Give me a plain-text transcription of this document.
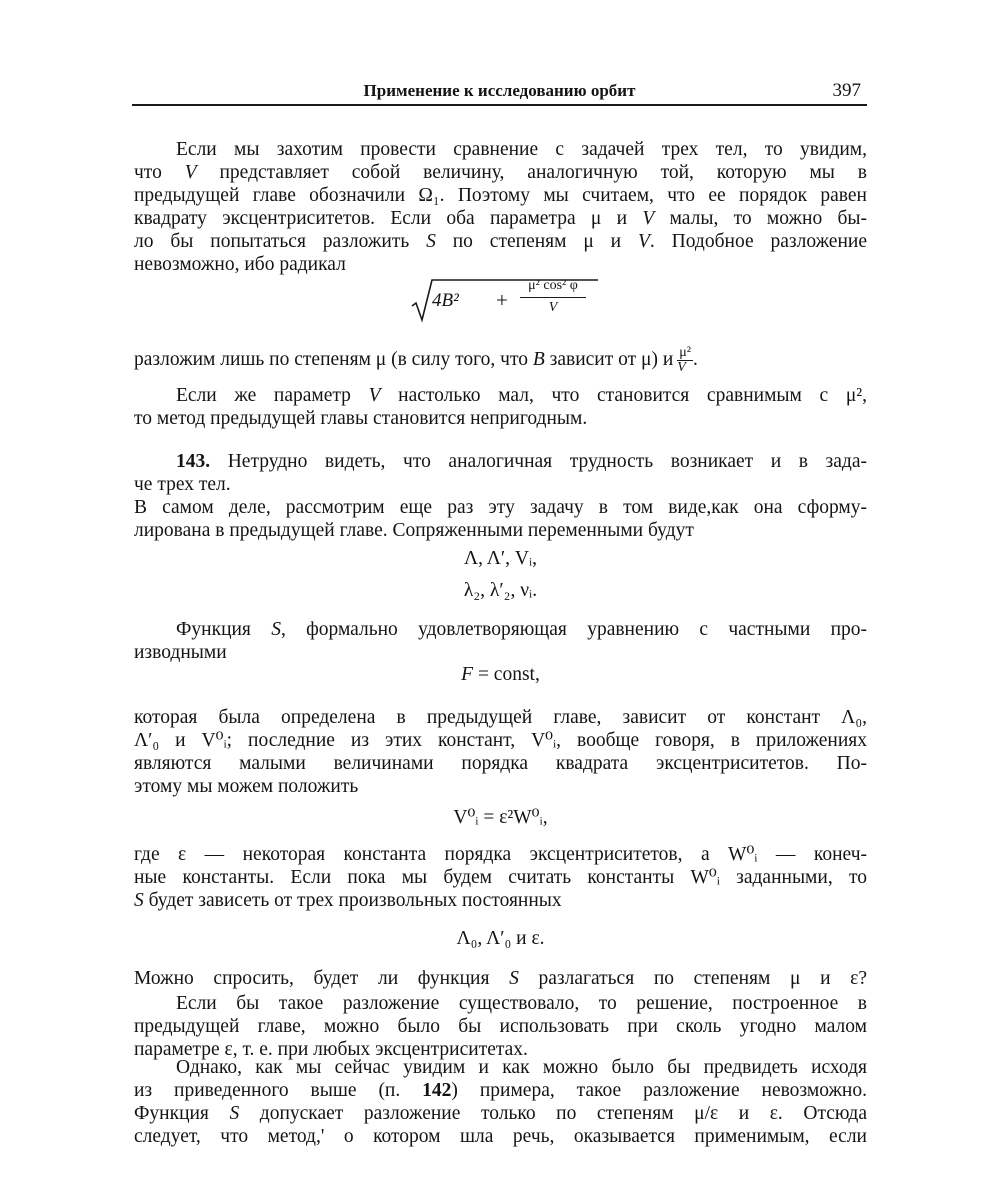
Применение к исследованию орбит	397
Если мы захотим провести сравнение с задачей трех тел, то увидим,
что V представляет собой величину, аналогичную той, которую мы в
предыдущей главе обозначили Ω₁. Поэтому мы считаем, что ее порядок равен
квадрату эксцентриситетов. Если оба параметра μ и V малы, то можно бы-
ло бы попытаться разложить S по степеням μ и V. Подобное разложение
невозможно, ибо радикал
4B² +
μ² cos² φ
V
разложим лишь по степеням μ (в силу того, что B зависит от μ) и $\frac{\text{μ²}}{V}$ .
Если же параметр V настолько мал, что становится сравнимым с μ²,
то метод предыдущей главы становится непригодным.
143. Нетрудно видеть, что аналогичная трудность возникает и в зада-
че трех тел.
В самом деле, рассмотрим еще раз эту задачу в том виде,как она сформу-
лирована в предыдущей главе. Сопряженными переменными будут
Λ, Λ′, Vᵢ,
λ₂, λ′₂, νᵢ.
Функция S, формально удовлетворяющая уравнению с частными про-
изводными
F = const,
которая была определена в предыдущей главе, зависит от констант Λ₀,
Λ′₀ и V⁰ᵢ; последние из этих констант, V⁰ᵢ, вообще говоря, в приложениях
являются малыми величинами порядка квадрата эксцентриситетов. По-
этому мы можем положить
V⁰ᵢ = ε²W⁰ᵢ,
где ε — некоторая константа порядка эксцентриситетов, а W⁰ᵢ — конеч-
ные константы. Если пока мы будем считать константы W⁰ᵢ заданными, то
S будет зависеть от трех произвольных постоянных
Λ₀, Λ′₀ и ε.
Можно спросить, будет ли функция S разлагаться по степеням μ и ε?
Если бы такое разложение существовало, то решение, построенное в
предыдущей главе, можно было бы использовать при сколь угодно малом
параметре ε, т. е. при любых эксцентриситетах.
Однако, как мы сейчас увидим и как можно было бы предвидеть исходя
из приведенного выше (п. 142) примера, такое разложение невозможно.
Функция S допускает разложение только по степеням μ/ε и ε. Отсюда
следует, что метод,' о котором шла речь, оказывается применимым, если
